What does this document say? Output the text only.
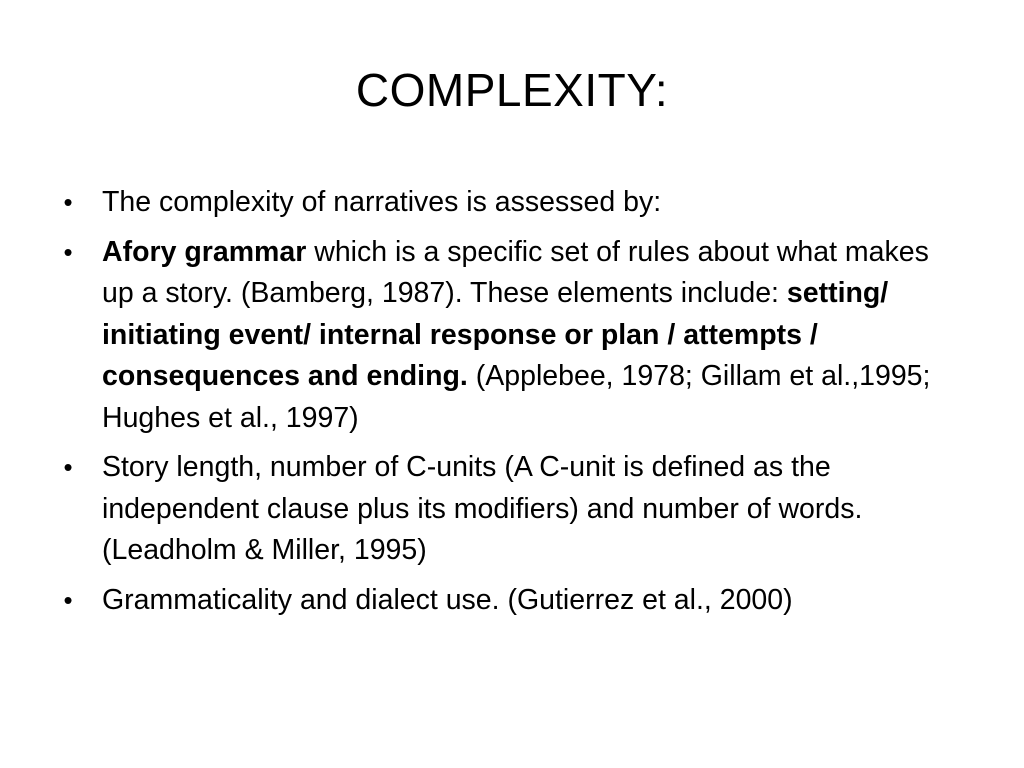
COMPLEXITY:
• The complexity of narratives is assessed by:
• Afory grammar which is a specific set of rules about what makes up a story. (Bamberg, 1987). These elements include: setting/ initiating event/ internal response or plan / attempts / consequences and ending. (Applebee, 1978; Gillam et al.,1995; Hughes et al., 1997)
• Story length, number of C-units (A C-unit is defined as the independent clause plus its modifiers) and number of words. (Leadholm & Miller, 1995)
• Grammaticality and dialect use. (Gutierrez et al., 2000)
